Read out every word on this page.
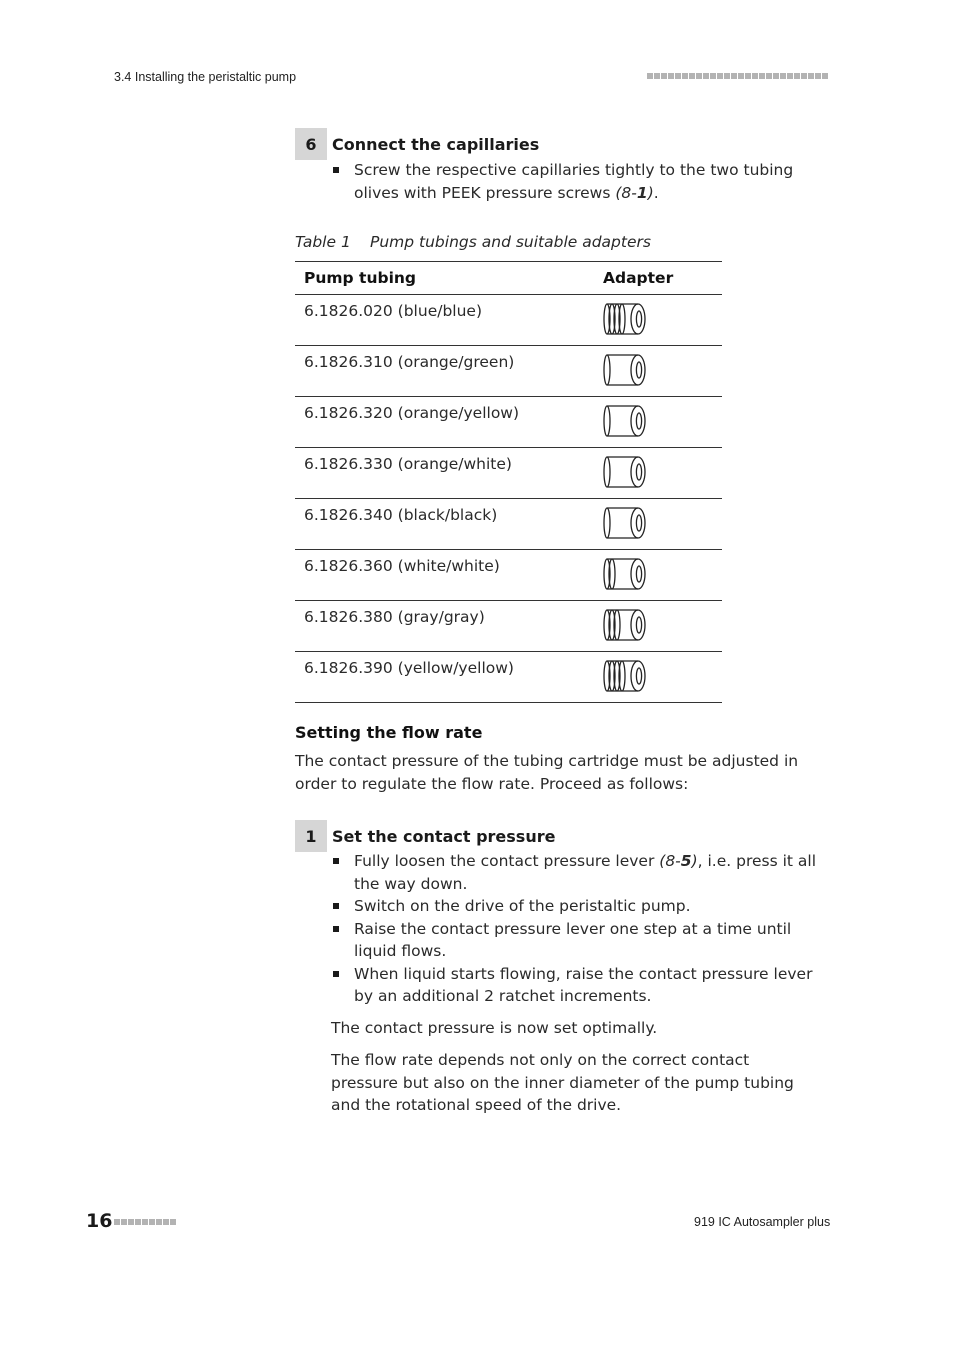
3.4 Installing the peristaltic pump
6 Connect the capillaries
Screw the respective capillaries tightly to the two tubing olives with PEEK pressure screws (8-1).
Table 1 Pump tubings and suitable adapters
Pump tubing	Adapter
6.1826.020 (blue/blue)	
6.1826.310 (orange/green)	
6.1826.320 (orange/yellow)	
6.1826.330 (orange/white)	
6.1826.340 (black/black)	
6.1826.360 (white/white)	
6.1826.380 (gray/gray)	
6.1826.390 (yellow/yellow)	
Setting the flow rate
The contact pressure of the tubing cartridge must be adjusted in order to regulate the flow rate. Proceed as follows:
1 Set the contact pressure
Fully loosen the contact pressure lever (8-5), i.e. press it all the way down.
Switch on the drive of the peristaltic pump.
Raise the contact pressure lever one step at a time until liquid flows.
When liquid starts flowing, raise the contact pressure lever by an additional 2 ratchet increments.
The contact pressure is now set optimally.
The flow rate depends not only on the correct contact pressure but also on the inner diameter of the pump tubing and the rotational speed of the drive.
16	919 IC Autosampler plus
